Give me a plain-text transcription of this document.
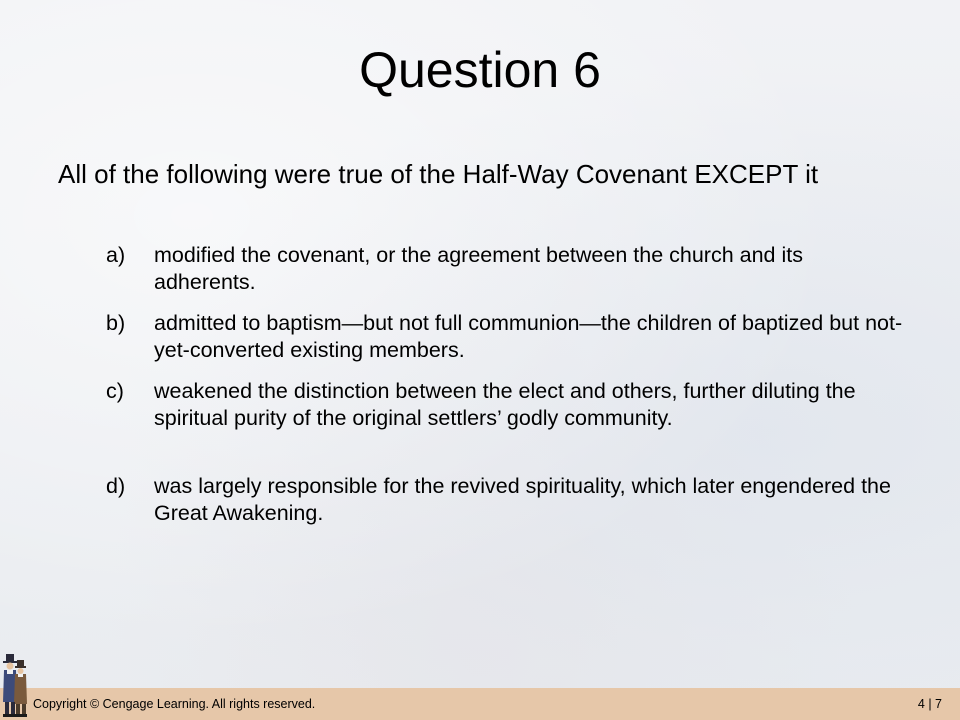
Question 6
All of the following were true of the Half-Way Covenant EXCEPT it
a) modified the covenant, or the agreement between the church and its adherents.
b) admitted to baptism—but not full communion—the children of baptized but not-yet-converted existing members.
c) weakened the distinction between the elect and others, further diluting the spiritual purity of the original settlers’ godly community.
d) was largely responsible for the revived spirituality, which later engendered the Great Awakening.
Copyright © Cengage Learning. All rights reserved.	4 | 7
